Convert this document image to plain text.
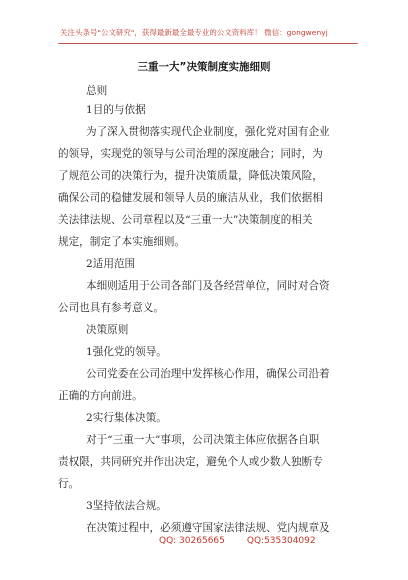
关注头条号"公文研究"，获得最新最全最专业的公文资料库！ 微信：gongwenyj
三重一大”决策制度实施细则
总则
1目的与依据
为了深入贯彻落实现代企业制度，强化党对国有企业
的领导，实现党的领导与公司治理的深度融合；同时，为
了规范公司的决策行为，提升决策质量，降低决策风险，
确保公司的稳健发展和领导人员的廉洁从业，我们依据相
关法律法规、公司章程以及“三重一大”决策制度的相关
规定，制定了本实施细则。
2适用范围
本细则适用于公司各部门及各经营单位，同时对合资
公司也具有参考意义。
决策原则
1强化党的领导。
公司党委在公司治理中发挥核心作用，确保公司沿着
正确的方向前进。
2实行集体决策。
对于“三重一大”事项，公司决策主体应依据各自职
责权限，共同研究并作出决定，避免个人或少数人独断专
行。
3坚持依法合规。
在决策过程中，必须遵守国家法律法规、党内规章及
QQ: 30265665 QQ:535304092
